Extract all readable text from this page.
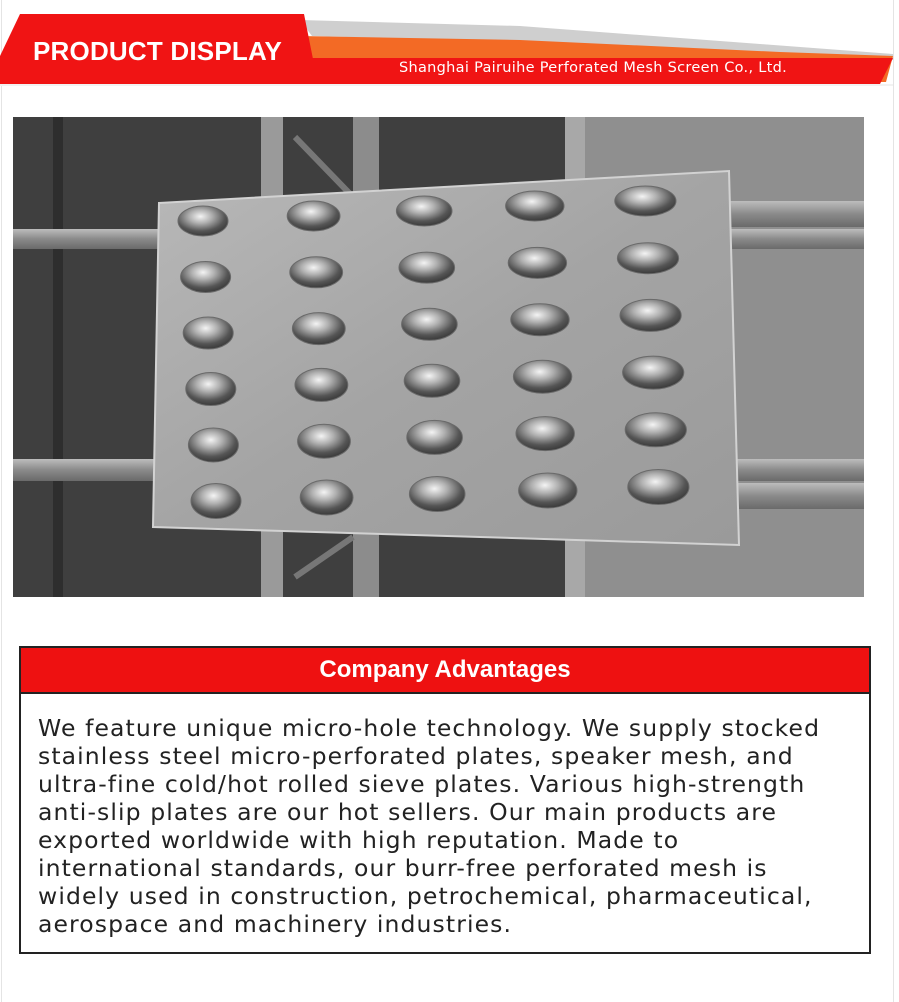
PRODUCT DISPLAY
Shanghai Pairuihe Perforated Mesh Screen Co., Ltd.
Company Advantages
We feature unique micro-hole technology. We supply stocked stainless steel micro-perforated plates, speaker mesh, and ultra-fine cold/hot rolled sieve plates. Various high-strength anti-slip plates are our hot sellers. Our main products are exported worldwide with high reputation. Made to international standards, our burr-free perforated mesh is widely used in construction, petrochemical, pharmaceutical, aerospace and machinery industries.
